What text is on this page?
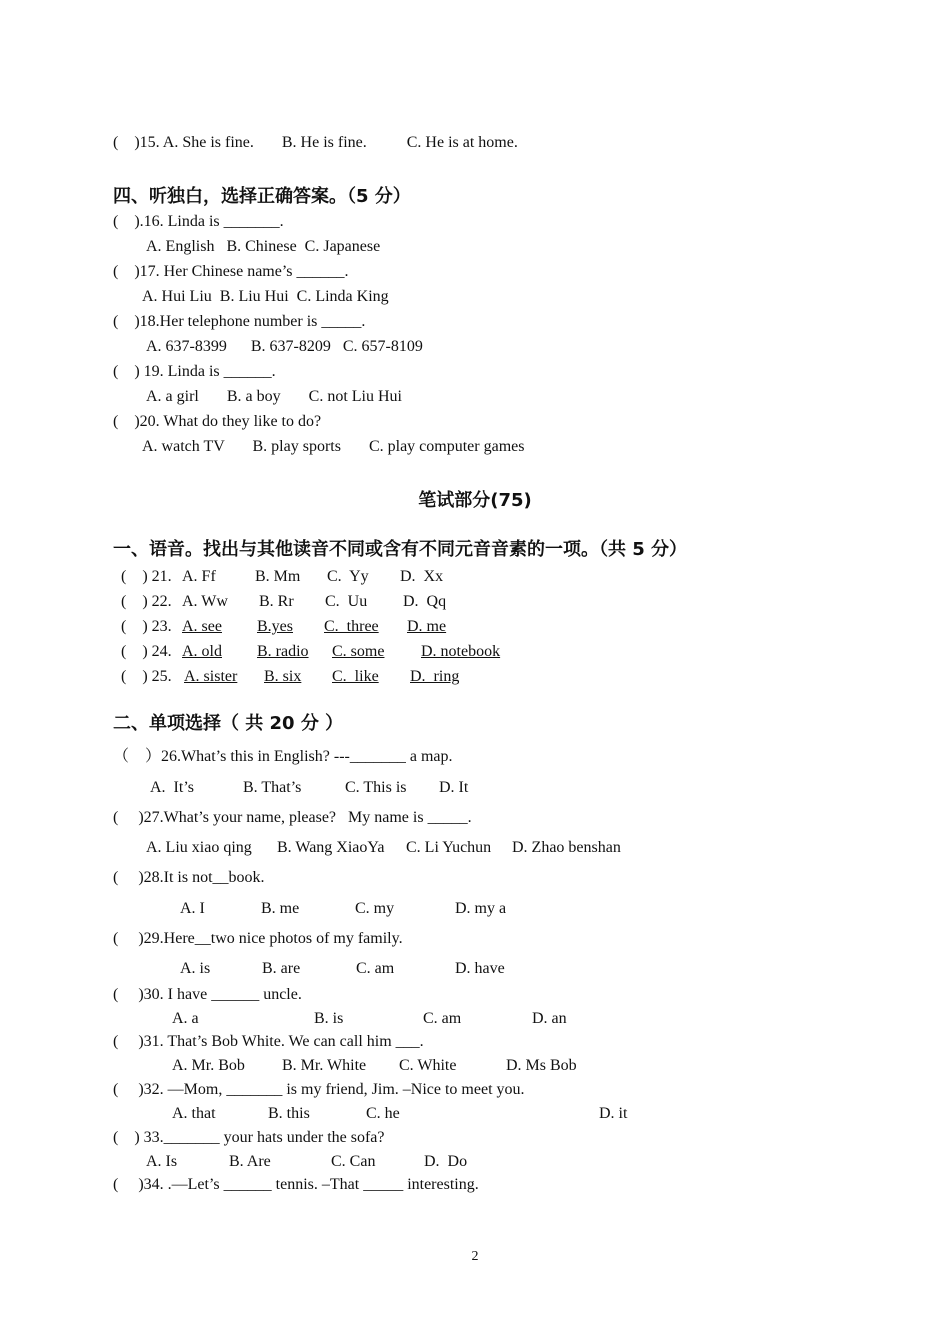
(    )15. A. She is fine.       B. He is fine.          C. He is at home.
四、听独白，选择正确答案。（5 分）
(    ).16. Linda is _______.
A. English   B. Chinese  C. Japanese
(    )17. Her Chinese name’s ______.
A. Hui Liu  B. Liu Hui  C. Linda King
(    )18.Her telephone number is _____.
A. 637-8399      B. 637-8209   C. 657-8109
(    ) 19. Linda is ______.
A. a girl       B. a boy       C. not Liu Hui
(    )20. What do they like to do?
A. watch TV       B. play sports       C. play computer games
笔试部分(75)
一、语音。找出与其他读音不同或含有不同元音音素的一项。（共 5 分）
(    ) 21. A. Ff B. Mm C.  Yy D.  Xx
(    ) 22. A. Ww B. Rr C.  Uu D.  Qq
(    ) 23. A. see B.yes C.  three D. me
(    ) 24. A. old B. radio C. some D. notebook
(    ) 25. A. sister B. six C.  like D.  ring
二、单项选择（ 共 20 分 ）
（    ）26.What’s this in English? ---_______ a map.
A.  It’s	B. That’s	C. This is D. It
(     )27.What’s your name, please?   My name is _____.
A. Liu xiao qing B. Wang XiaoYa C. Li Yuchun D. Zhao benshan
(     )28.It is not__book.
A. I	B. me	C. my	D. my a
(     )29.Here__two nice photos of my family.
A. is	B. are	C. am	D. have
(     )30. I have ______ uncle.
A. a	B. is	C. am	D. an
(     )31. That’s Bob White. We can call him ___.
A. Mr. Bob B. Mr. White C. White	D. Ms Bob
(     )32. —Mom, _______ is my friend, Jim. –Nice to meet you.
A. that	B. this	C. he	D. it
(    ) 33._______ your hats under the sofa?
A. Is	B. Are	C. Can	D.  Do
(     )34. .—Let’s ______ tennis. –That _____ interesting.
2
